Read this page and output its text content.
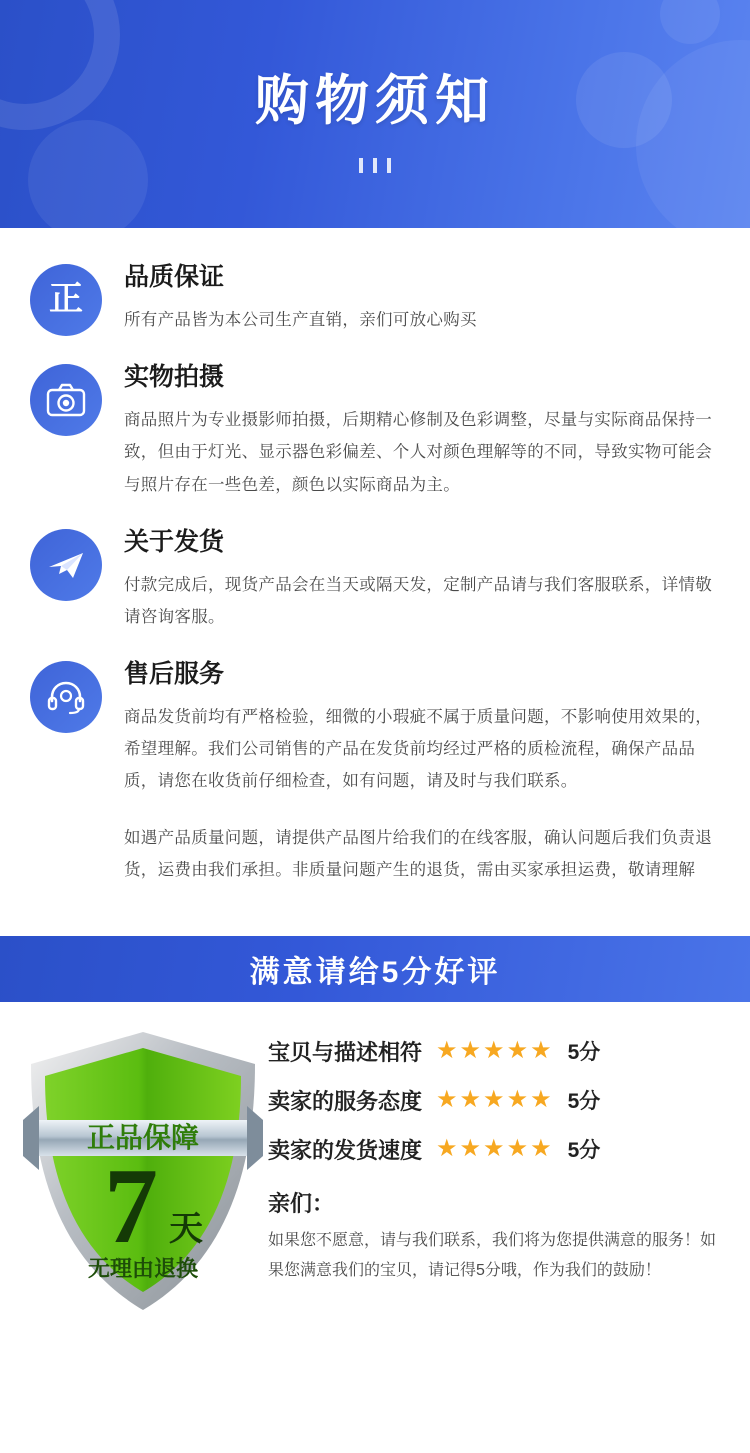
购物须知

正
品质保证
所有产品皆为本公司生产直销，亲们可放心购买
实物拍摄
商品照片为专业摄影师拍摄，后期精心修制及色彩调整，尽量与实际商品保持一致，但由于灯光、显示器色彩偏差、个人对颜色理解等的不同，导致实物可能会与照片存在一些色差，颜色以实际商品为主。
关于发货
付款完成后，现货产品会在当天或隔天发，定制产品请与我们客服联系，详情敬请咨询客服。
售后服务
商品发货前均有严格检验，细微的小瑕疵不属于质量问题，不影响使用效果的，希望理解。我们公司销售的产品在发货前均经过严格的质检流程，确保产品品质，请您在收货前仔细检查，如有问题，请及时与我们联系。
如遇产品质量问题，请提供产品图片给我们的在线客服，确认问题后我们负责退货，运费由我们承担。非质量问题产生的退货，需由买家承担运费，敬请理解
满意请给5分好评
正品保障
7 天
无理由退换
宝贝与描述相符 ★★★★★ 5分
卖家的服务态度 ★★★★★ 5分
卖家的发货速度 ★★★★★ 5分
亲们：
如果您不愿意，请与我们联系，我们将为您提供满意的服务！如果您满意我们的宝贝，请记得5分哦，作为我们的鼓励！
